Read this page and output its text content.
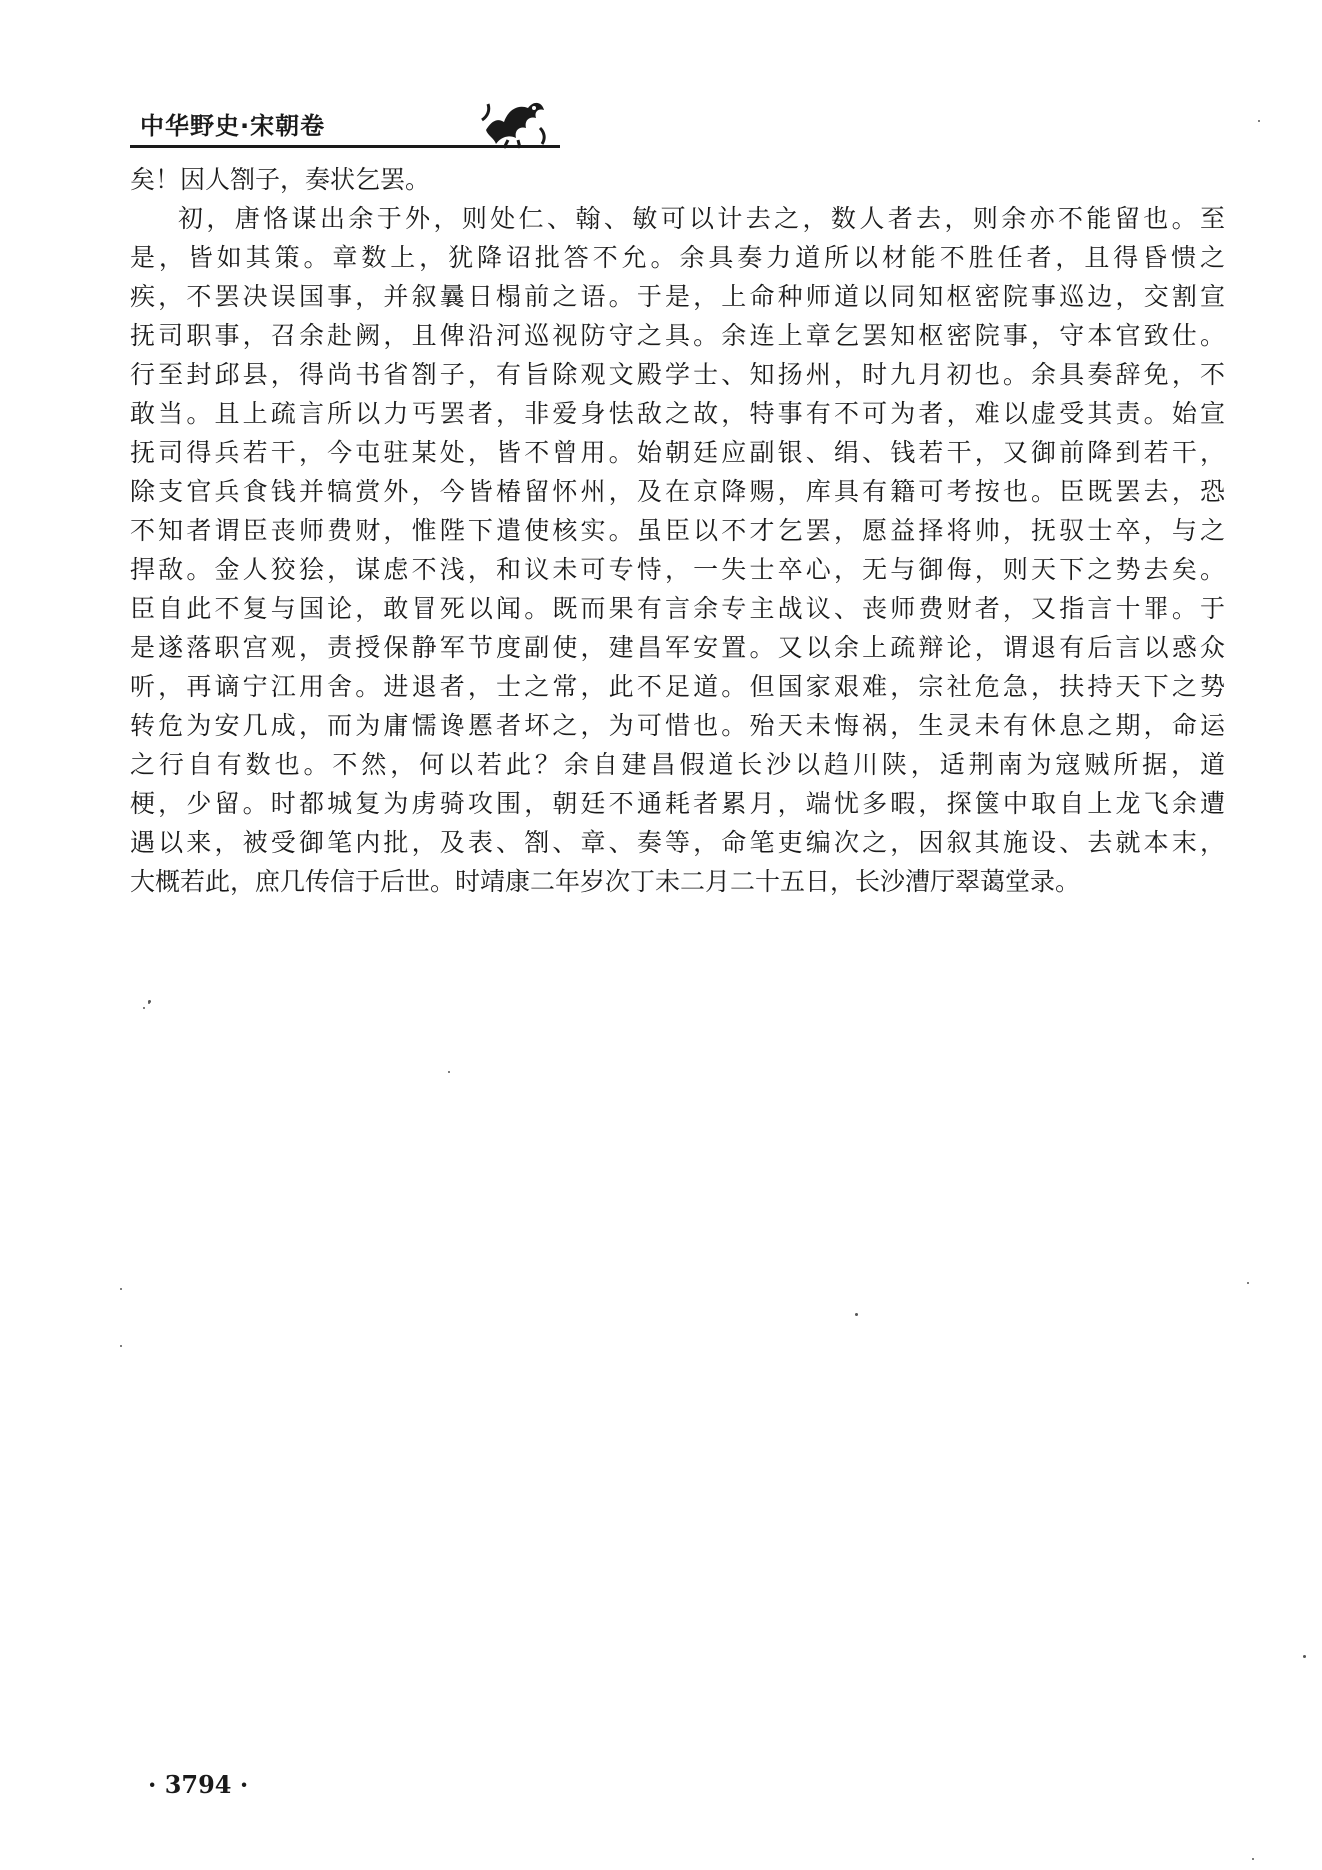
中华野史·宋朝卷
矣！因人劄子，奏状乞罢。
初，唐恪谋出余于外，则处仁、翰、敏可以计去之，数人者去，则余亦不能留也。至
是，皆如其策。章数上，犹降诏批答不允。余具奏力道所以材能不胜任者，且得昏愦之
疾，不罢决误国事，并叙曩日榻前之语。于是，上命种师道以同知枢密院事巡边，交割宣
抚司职事，召余赴阙，且俾沿河巡视防守之具。余连上章乞罢知枢密院事，守本官致仕。
行至封邱县，得尚书省劄子，有旨除观文殿学士、知扬州，时九月初也。余具奏辞免，不
敢当。且上疏言所以力丐罢者，非爱身怯敌之故，特事有不可为者，难以虚受其责。始宣
抚司得兵若干，今屯驻某处，皆不曾用。始朝廷应副银、绢、钱若干，又御前降到若干，
除支官兵食钱并犒赏外，今皆椿留怀州，及在京降赐，库具有籍可考按也。臣既罢去，恐
不知者谓臣丧师费财，惟陛下遣使核实。虽臣以不才乞罢，愿益择将帅，抚驭士卒，与之
捍敌。金人狡狯，谋虑不浅，和议未可专恃，一失士卒心，无与御侮，则天下之势去矣。
臣自此不复与国论，敢冒死以闻。既而果有言余专主战议、丧师费财者，又指言十罪。于
是遂落职宫观，责授保静军节度副使，建昌军安置。又以余上疏辩论，谓退有后言以惑众
听，再谪宁江用舍。进退者，士之常，此不足道。但国家艰难，宗社危急，扶持天下之势
转危为安几成，而为庸懦谗慝者坏之，为可惜也。殆天未悔祸，生灵未有休息之期，命运
之行自有数也。不然，何以若此？余自建昌假道长沙以趋川陕，适荆南为寇贼所据，道
梗，少留。时都城复为虏骑攻围，朝廷不通耗者累月，端忧多暇，探箧中取自上龙飞余遭
遇以来，被受御笔内批，及表、劄、章、奏等，命笔吏编次之，因叙其施设、去就本末，
大概若此，庶几传信于后世。时靖康二年岁次丁未二月二十五日，长沙漕厅翠蔼堂录。
· 3794 ·
